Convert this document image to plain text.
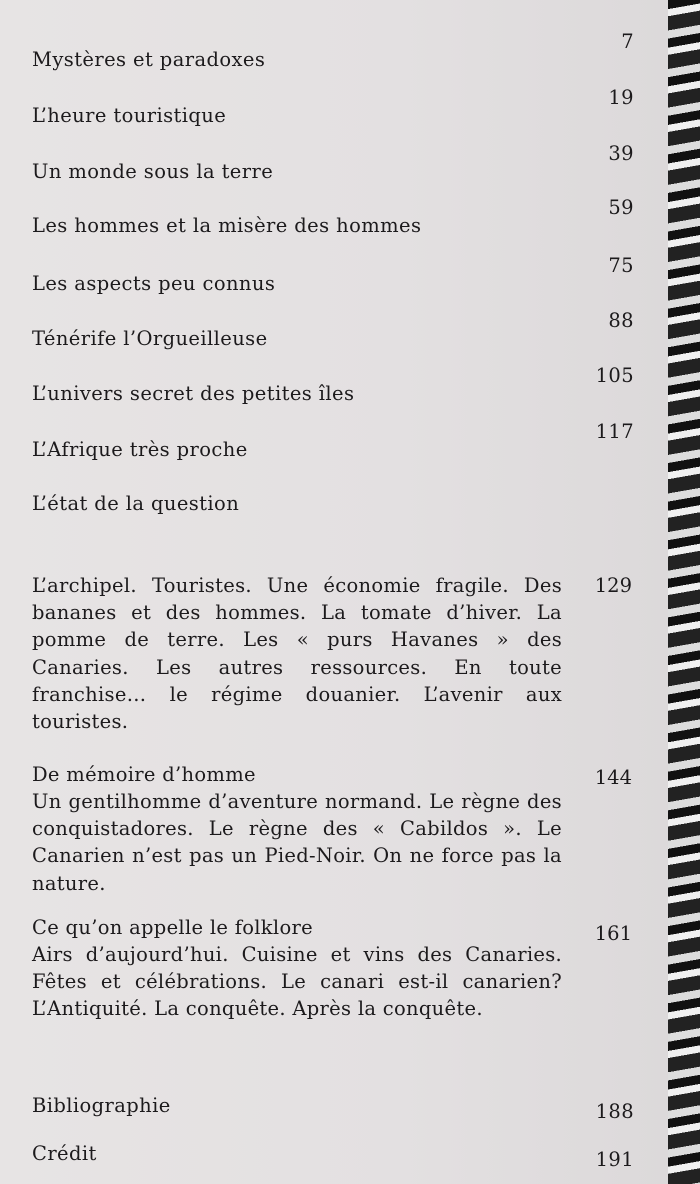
Mystères et paradoxes
7
L’heure touristique
19
Un monde sous la terre
39
Les hommes et la misère des hommes
59
Les aspects peu connus
75
Ténérife l’Orgueilleuse
88
L’univers secret des petites îles
105
L’Afrique très proche
117
L’état de la question
L’archipel. Touristes. Une économie fragile. Des bananes et des hommes. La tomate d’hiver. La pomme de terre. Les « purs Havanes » des Canaries. Les autres ressources. En toute franchise… le régime douanier. L’avenir aux touristes.
129
De mémoire d’homme
Un gentilhomme d’aventure normand. Le règne des conquistadores. Le règne des « Cabildos ». Le Canarien n’est pas un Pied-Noir. On ne force pas la nature.
144
Ce qu’on appelle le folklore
Airs d’aujourd’hui. Cuisine et vins des Canaries. Fêtes et célébrations. Le canari est-il canarien? L’Antiquité. La conquête. Après la conquête.
161
Bibliographie	188
Crédit	191
